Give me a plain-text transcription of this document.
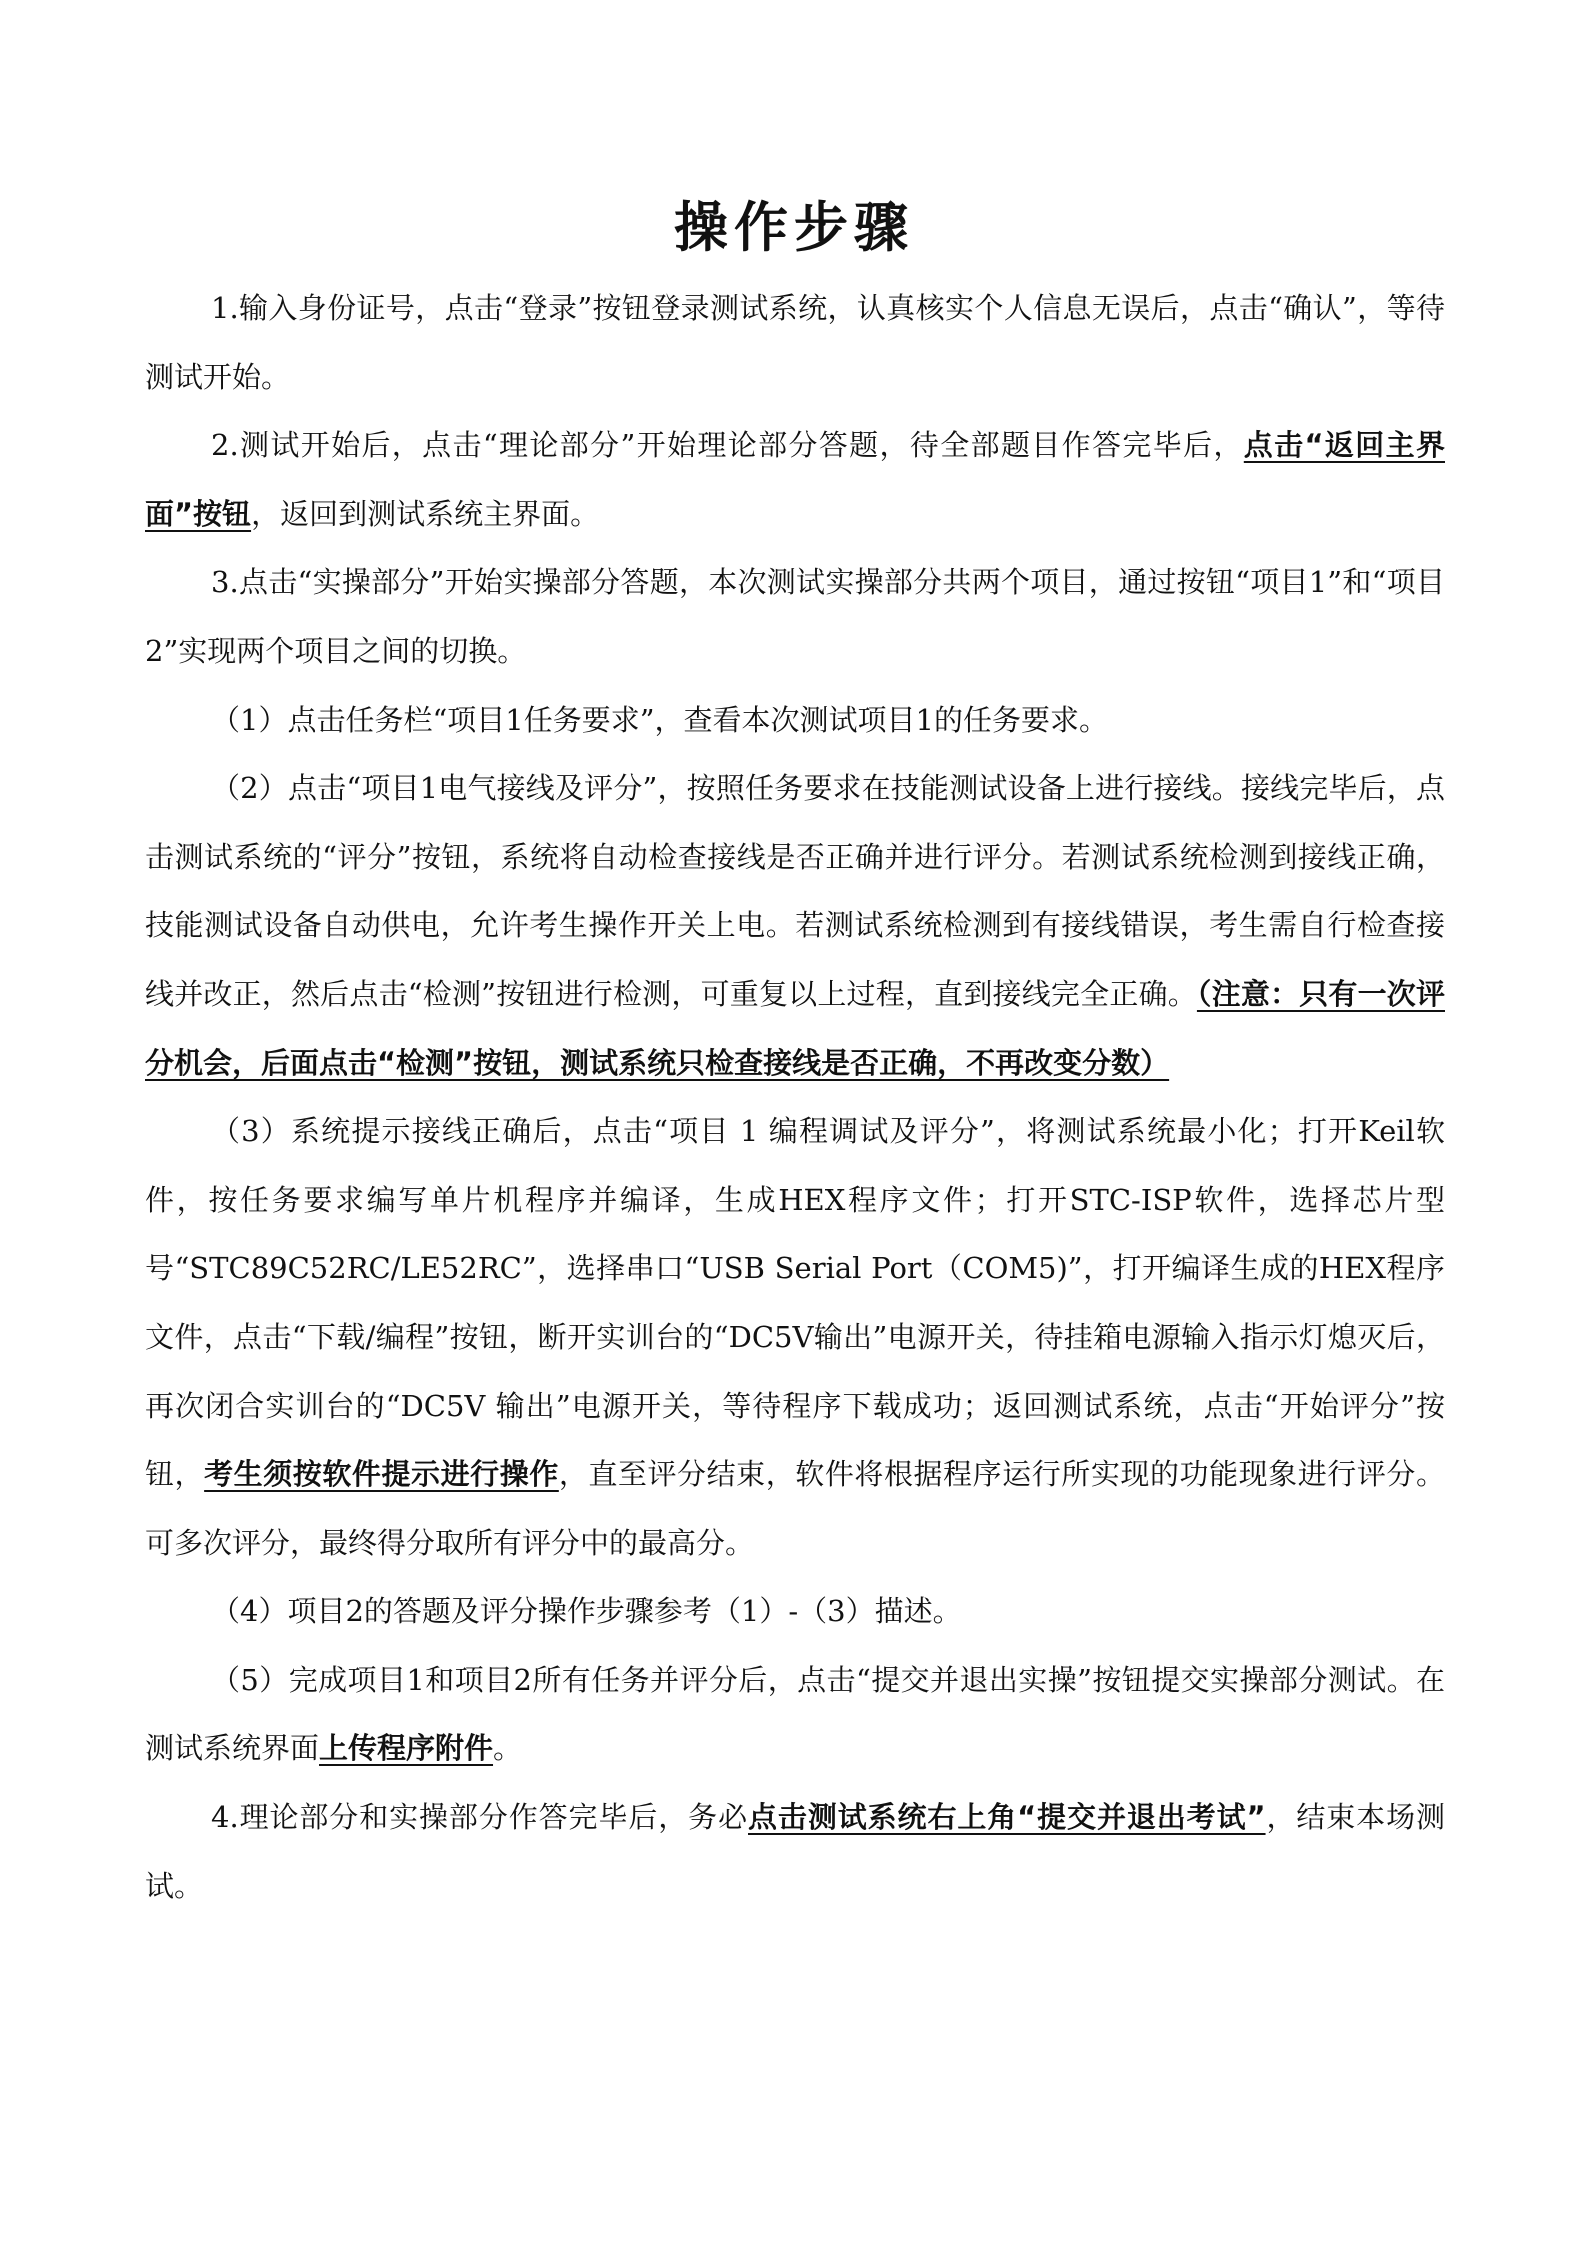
操作步骤

1.输入身份证号，点击“登录”按钮登录测试系统，认真核实个人信息无误后，点击“确认”，等待测试开始。

2.测试开始后，点击“理论部分”开始理论部分答题，待全部题目作答完毕后，点击“返回主界面”按钮，返回到测试系统主界面。

3.点击“实操部分”开始实操部分答题，本次测试实操部分共两个项目，通过按钮“项目1”和“项目2”实现两个项目之间的切换。

（1）点击任务栏“项目1任务要求”，查看本次测试项目1的任务要求。

（2）点击“项目1电气接线及评分”，按照任务要求在技能测试设备上进行接线。接线完毕后，点击测试系统的“评分”按钮，系统将自动检查接线是否正确并进行评分。若测试系统检测到接线正确，技能测试设备自动供电，允许考生操作开关上电。若测试系统检测到有接线错误，考生需自行检查接线并改正，然后点击“检测”按钮进行检测，可重复以上过程，直到接线完全正确。（注意：只有一次评分机会，后面点击“检测”按钮，测试系统只检查接线是否正确，不再改变分数）

（3）系统提示接线正确后，点击“项目 1 编程调试及评分”，将测试系统最小化；打开Keil软件，按任务要求编写单片机程序并编译，生成HEX程序文件；打开STC-ISP软件，选择芯片型号“STC89C52RC/LE52RC”，选择串口“USB Serial Port（COM5)”，打开编译生成的HEX程序文件，点击“下载/编程”按钮，断开实训台的“DC5V输出”电源开关，待挂箱电源输入指示灯熄灭后，再次闭合实训台的“DC5V 输出”电源开关，等待程序下载成功；返回测试系统，点击“开始评分”按钮，考生须按软件提示进行操作，直至评分结束，软件将根据程序运行所实现的功能现象进行评分。可多次评分，最终得分取所有评分中的最高分。

（4）项目2的答题及评分操作步骤参考（1）-（3）描述。

（5）完成项目1和项目2所有任务并评分后，点击“提交并退出实操”按钮提交实操部分测试。在测试系统界面上传程序附件。

4.理论部分和实操部分作答完毕后，务必点击测试系统右上角“提交并退出考试”，结束本场测试。
